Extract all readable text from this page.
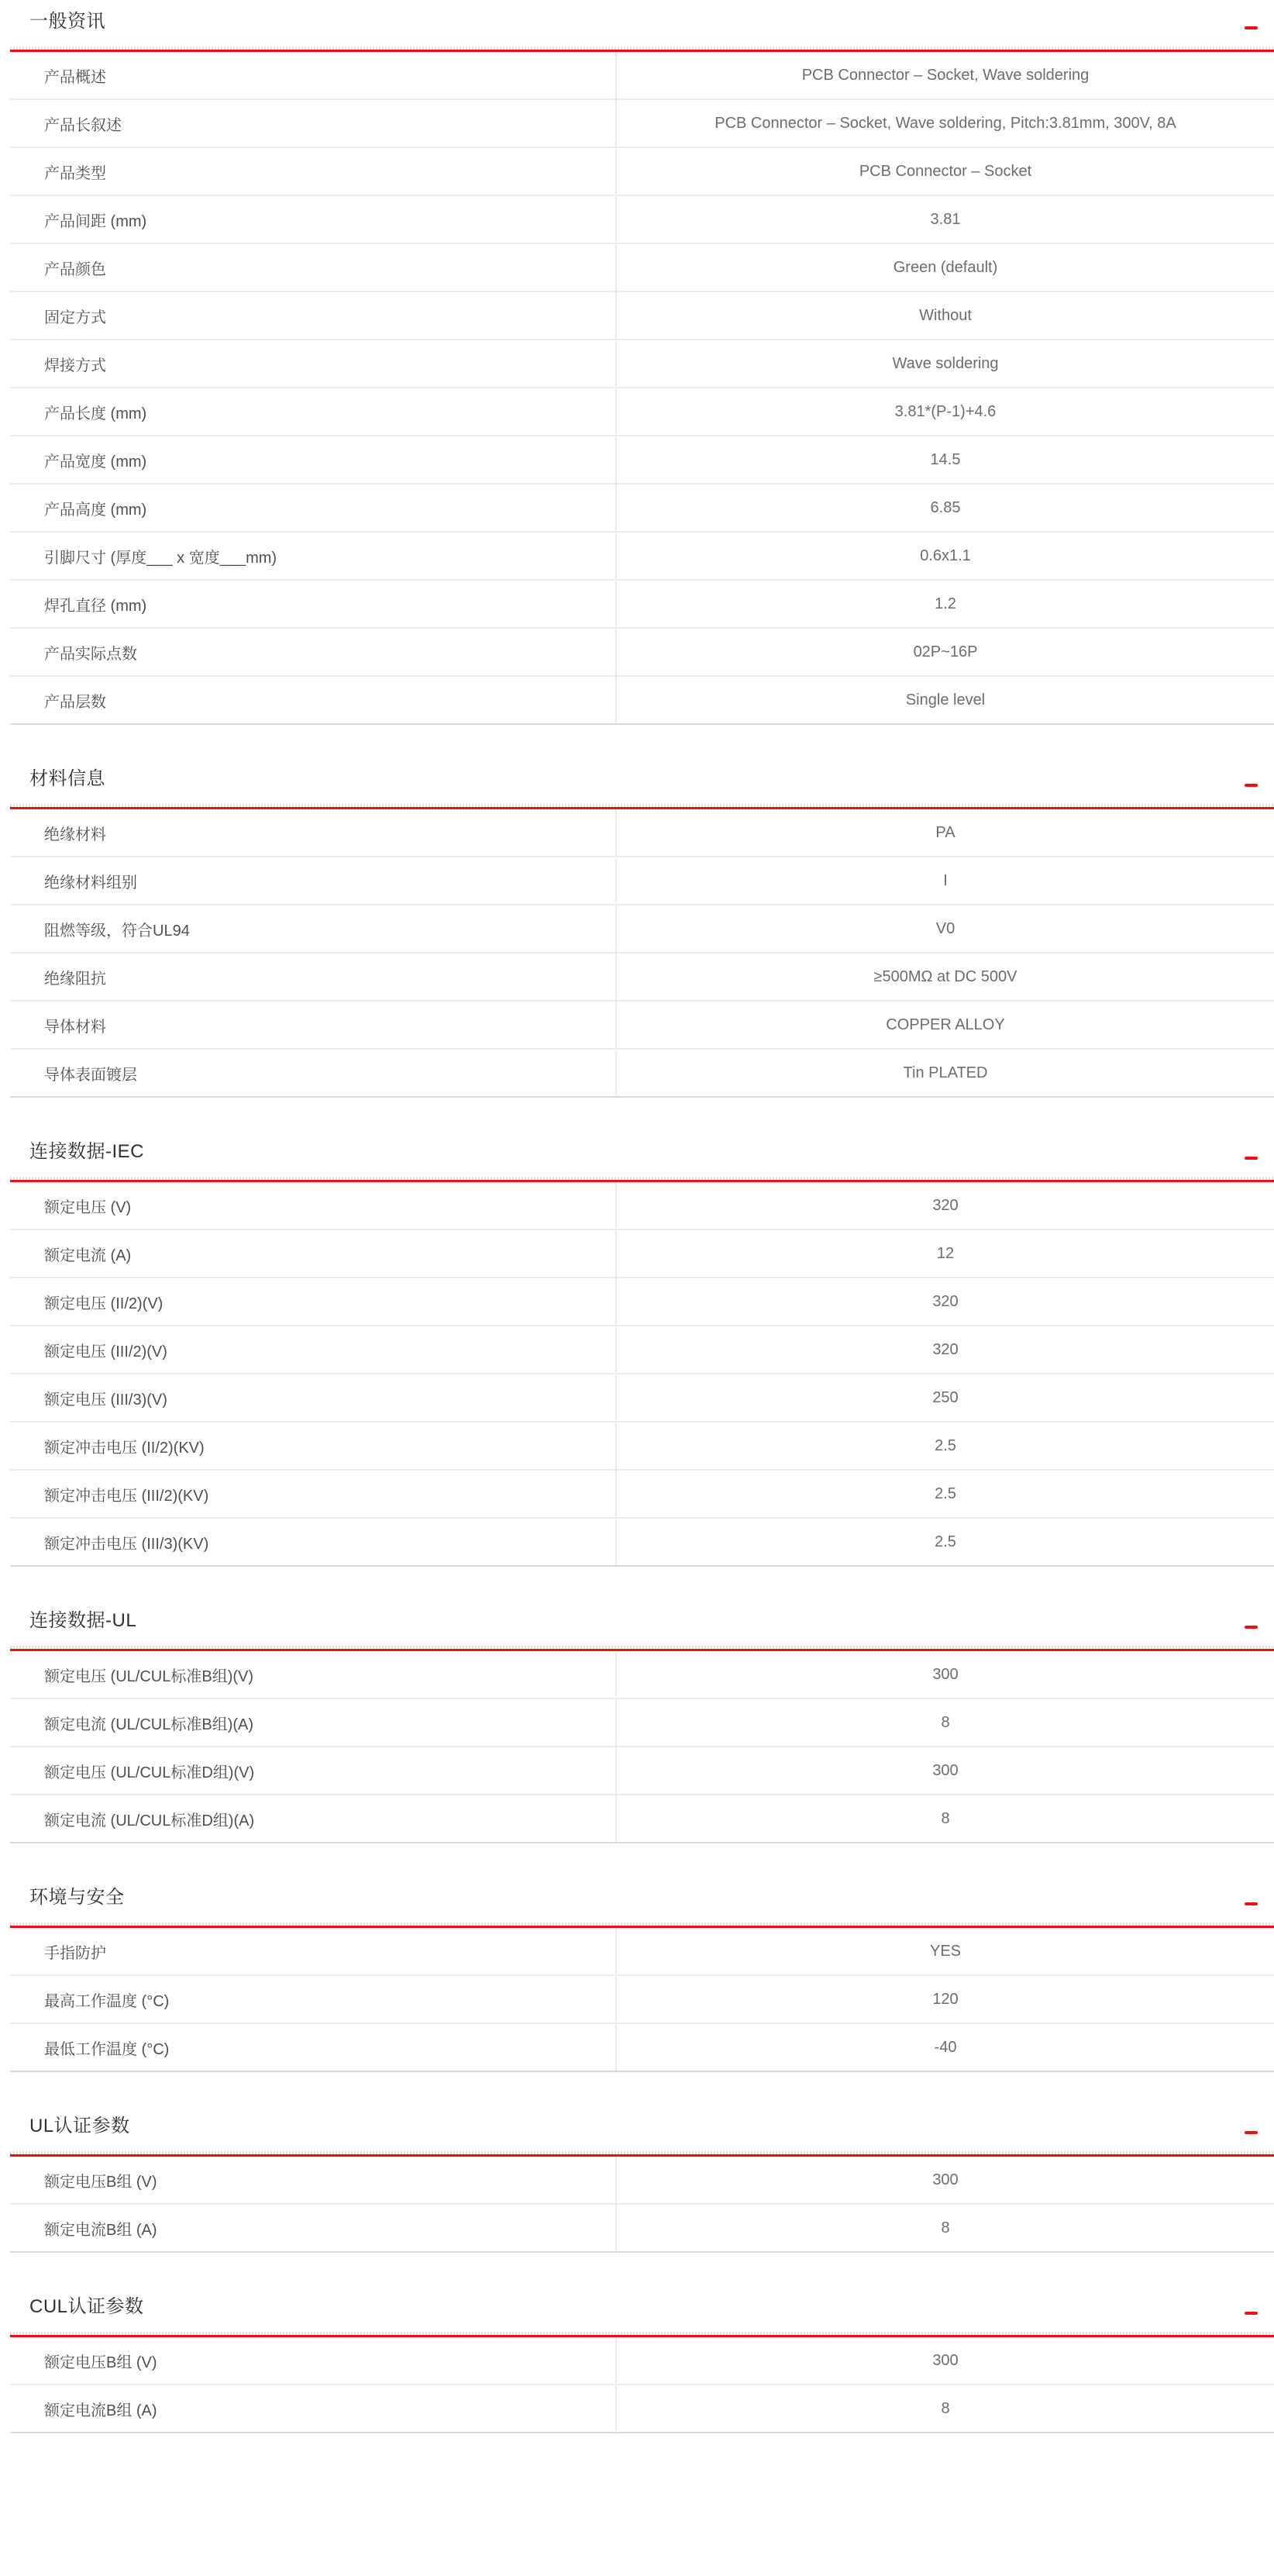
一般资讯
产品概述	PCB Connector – Socket, Wave soldering
产品长叙述	PCB Connector – Socket, Wave soldering, Pitch:3.81mm, 300V, 8A
产品类型	PCB Connector – Socket
产品间距 (mm)	3.81
产品颜色	Green (default)
固定方式	Without
焊接方式	Wave soldering
产品长度 (mm)	3.81*(P-1)+4.6
产品宽度 (mm)	14.5
产品高度 (mm)	6.85
引脚尺寸 (厚度___ x 宽度___mm)	0.6x1.1
焊孔直径 (mm)	1.2
产品实际点数	02P~16P
产品层数	Single level
材料信息
绝缘材料	PA
绝缘材料组别	I
阻燃等级，符合UL94	V0
绝缘阻抗	≥500MΩ at DC 500V
导体材料	COPPER ALLOY
导体表面镀层	Tin PLATED
连接数据-IEC
额定电压 (V)	320
额定电流 (A)	12
额定电压 (II/2)(V)	320
额定电压 (III/2)(V)	320
额定电压 (III/3)(V)	250
额定冲击电压 (II/2)(KV)	2.5
额定冲击电压 (III/2)(KV)	2.5
额定冲击电压 (III/3)(KV)	2.5
连接数据-UL
额定电压 (UL/CUL标准B组)(V)	300
额定电流 (UL/CUL标准B组)(A)	8
额定电压 (UL/CUL标准D组)(V)	300
额定电流 (UL/CUL标准D组)(A)	8
环境与安全
手指防护	YES
最高工作温度 (°C)	120
最低工作温度 (°C)	-40
UL认证参数
额定电压B组 (V)	300
额定电流B组 (A)	8
CUL认证参数
额定电压B组 (V)	300
额定电流B组 (A)	8
